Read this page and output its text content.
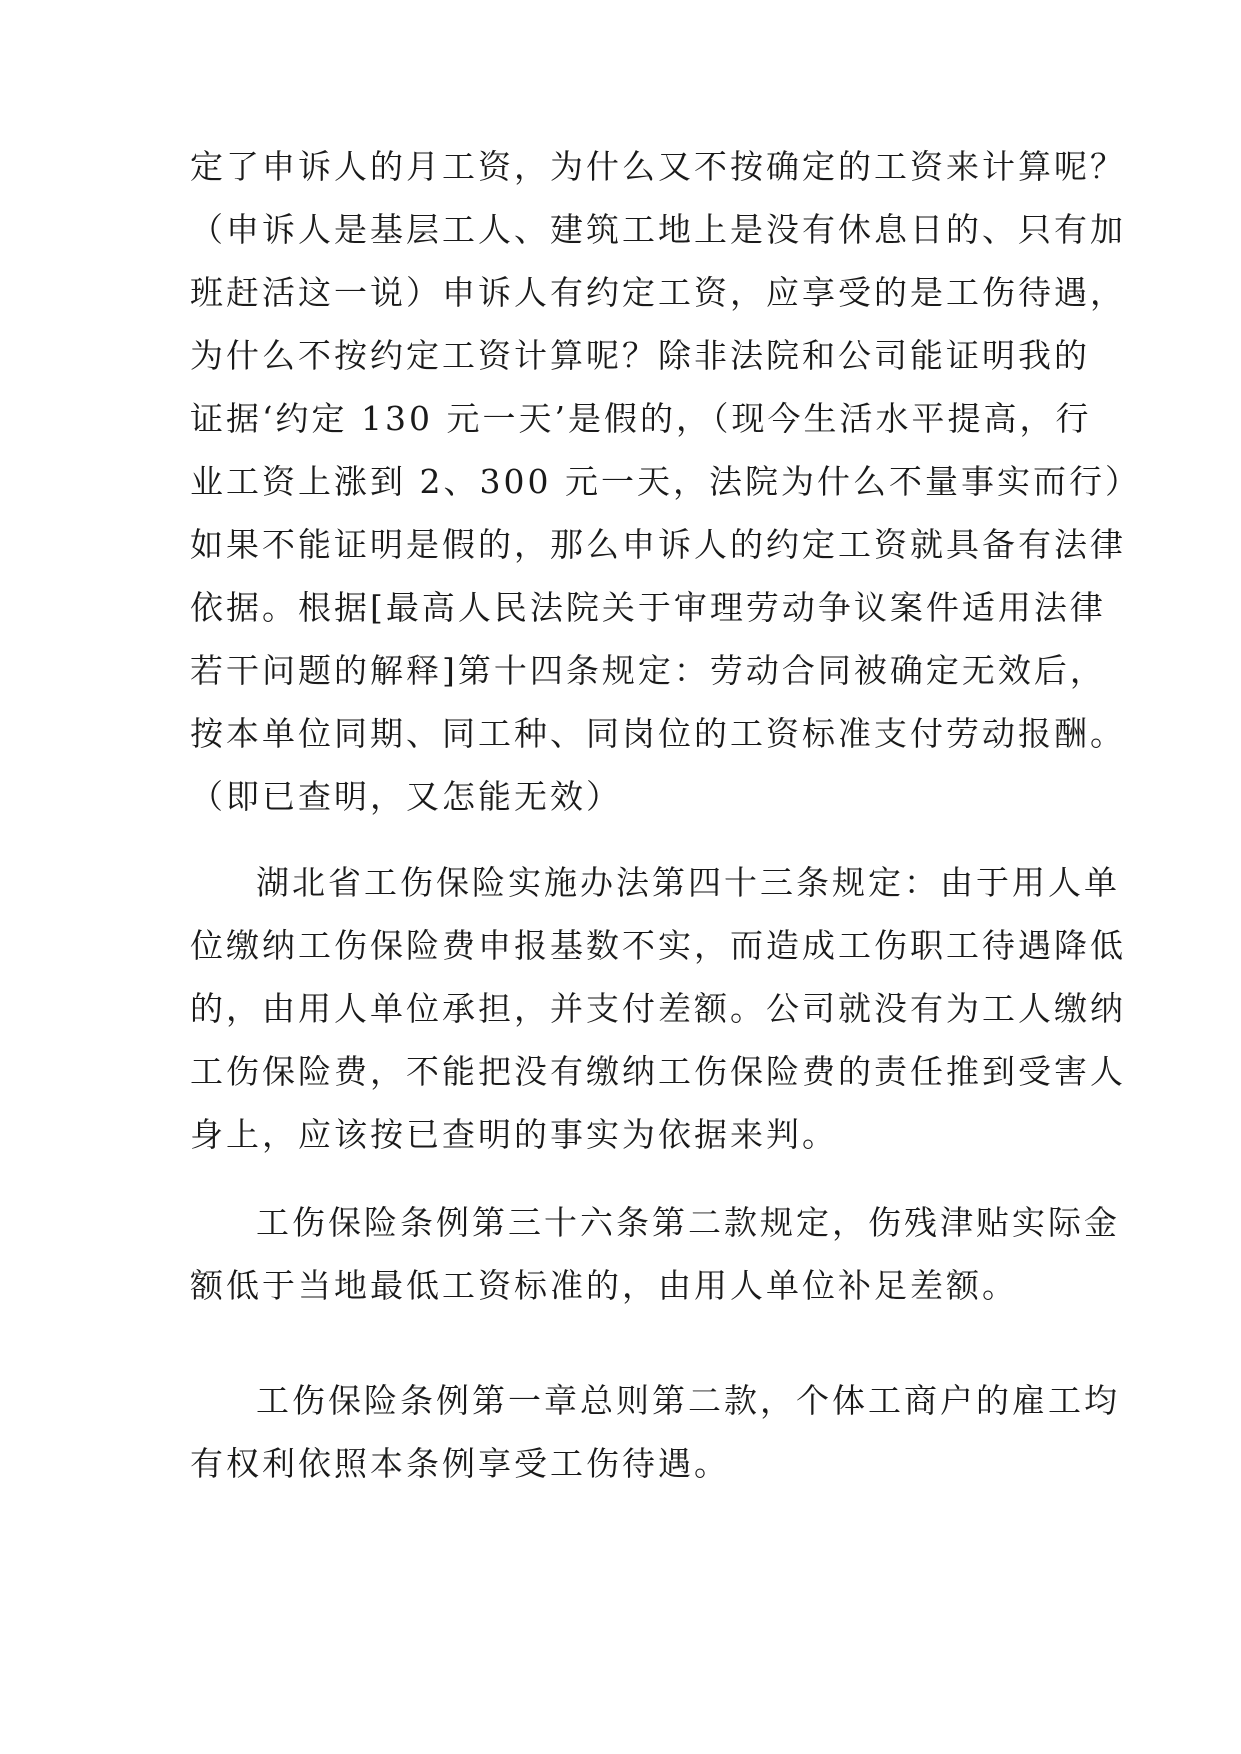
定了申诉人的月工资，为什么又不按确定的工资来计算呢？
（申诉人是基层工人、建筑工地上是没有休息日的、只有加
班赶活这一说）申诉人有约定工资，应享受的是工伤待遇，
为什么不按约定工资计算呢？除非法院和公司能证明我的
证据‘约定 130 元一天’是假的，（现今生活水平提高，行
业工资上涨到 2、300 元一天，法院为什么不量事实而行）
如果不能证明是假的，那么申诉人的约定工资就具备有法律
依据。根据[最高人民法院关于审理劳动争议案件适用法律
若干问题的解释]第十四条规定：劳动合同被确定无效后，
按本单位同期、同工种、同岗位的工资标准支付劳动报酬。
（即已查明，又怎能无效）
湖北省工伤保险实施办法第四十三条规定：由于用人单
位缴纳工伤保险费申报基数不实，而造成工伤职工待遇降低
的，由用人单位承担，并支付差额。公司就没有为工人缴纳
工伤保险费，不能把没有缴纳工伤保险费的责任推到受害人
身上，应该按已查明的事实为依据来判。
工伤保险条例第三十六条第二款规定，伤残津贴实际金
额低于当地最低工资标准的，由用人单位补足差额。
工伤保险条例第一章总则第二款，个体工商户的雇工均
有权利依照本条例享受工伤待遇。
